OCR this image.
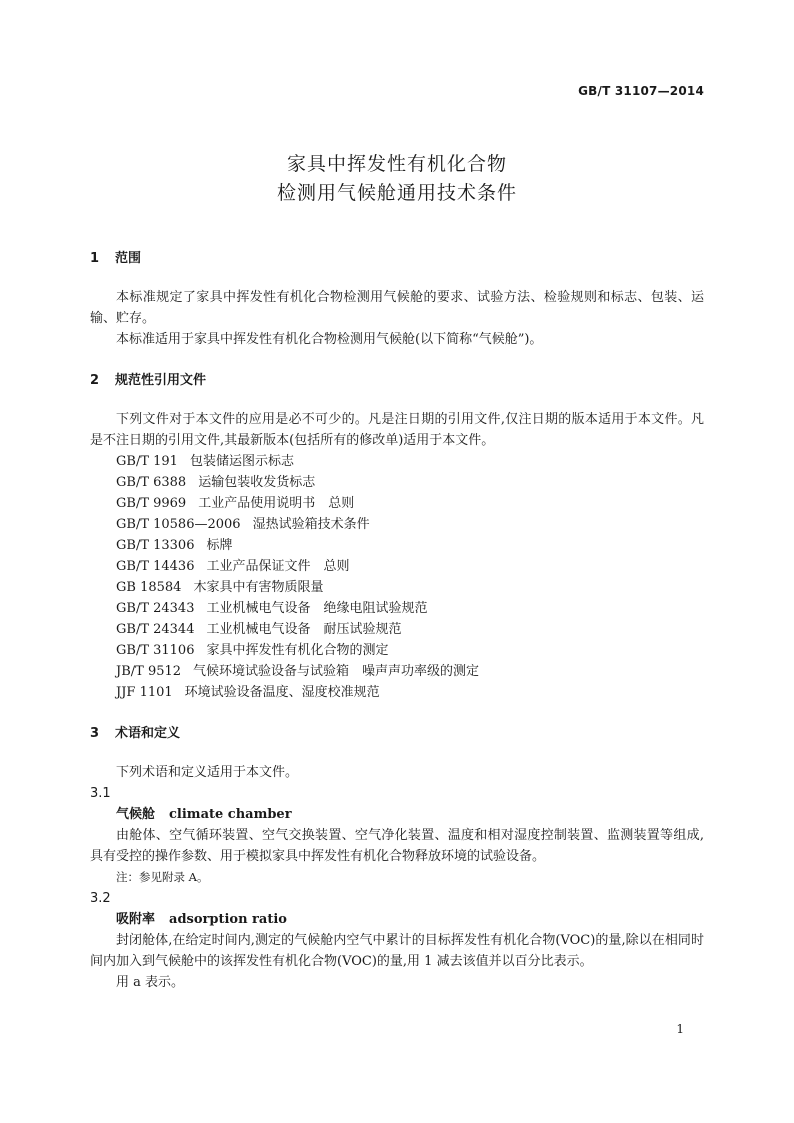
GB/T 31107—2014
家具中挥发性有机化合物
检测用气候舱通用技术条件
1 范围

本标准规定了家具中挥发性有机化合物检测用气候舱的要求、试验方法、检验规则和标志、包装、运输、贮存。

本标准适用于家具中挥发性有机化合物检测用气候舱(以下简称“气候舱”)。

2 规范性引用文件

下列文件对于本文件的应用是必不可少的。凡是注日期的引用文件,仅注日期的版本适用于本文件。凡是不注日期的引用文件,其最新版本(包括所有的修改单)适用于本文件。

GB/T 191 包装储运图示标志
GB/T 6388 运输包装收发货标志
GB/T 9969 工业产品使用说明书　总则
GB/T 10586—2006 湿热试验箱技术条件
GB/T 13306 标牌
GB/T 14436 工业产品保证文件　总则
GB 18584 木家具中有害物质限量
GB/T 24343 工业机械电气设备　绝缘电阻试验规范
GB/T 24344 工业机械电气设备　耐压试验规范
GB/T 31106 家具中挥发性有机化合物的测定
JB/T 9512 气候环境试验设备与试验箱　噪声声功率级的测定
JJF 1101 环境试验设备温度、湿度校准规范
3 术语和定义

下列术语和定义适用于本文件。

3.1
气候舱 climate chamber

由舱体、空气循环装置、空气交换装置、空气净化装置、温度和相对湿度控制装置、监测装置等组成,具有受控的操作参数、用于模拟家具中挥发性有机化合物释放环境的试验设备。

注：参见附录 A。
3.2
吸附率 adsorption ratio

封闭舱体,在给定时间内,测定的气候舱内空气中累计的目标挥发性有机化合物(VOC)的量,除以在相同时间内加入到气候舱中的该挥发性有机化合物(VOC)的量,用 1 减去该值并以百分比表示。

用 a 表示。

1
